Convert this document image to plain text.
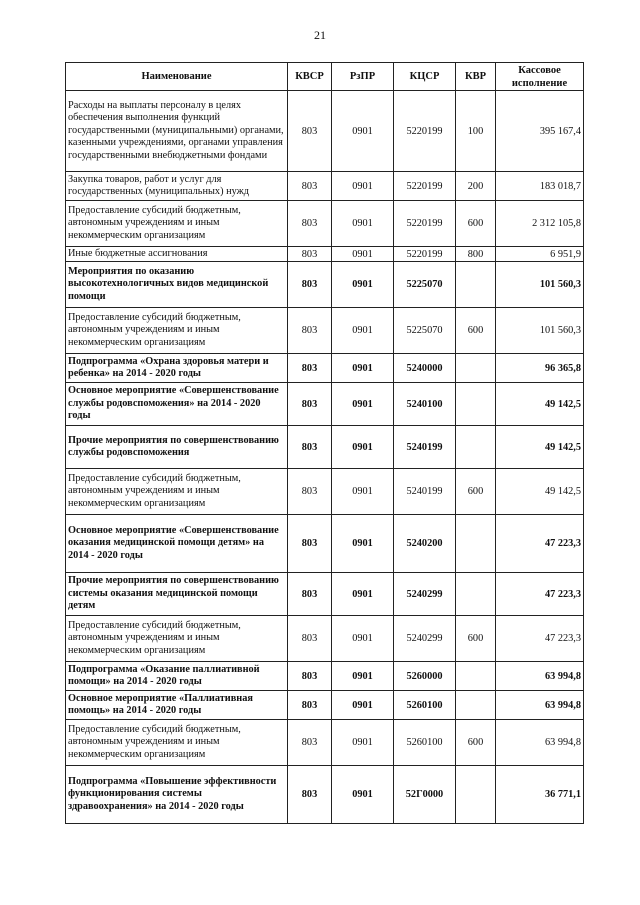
21
Наименование	КВСР	РзПР	КЦСР	КВР	Кассовое исполнение
Расходы на выплаты персоналу в целях обеспечения выполнения функций государственными (муниципальными) органами, казенными учреждениями, органами управления государственными внебюджетными фондами	803	0901	5220199	100	395 167,4
Закупка товаров, работ и услуг для государственных (муниципальных) нужд	803	0901	5220199	200	183 018,7
Предоставление субсидий бюджетным, автономным учреждениям и иным некоммерческим организациям	803	0901	5220199	600	2 312 105,8
Иные бюджетные ассигнования	803	0901	5220199	800	6 951,9
Мероприятия по оказанию высокотехнологичных видов медицинской помощи	803	0901	5225070		101 560,3
Предоставление субсидий бюджетным, автономным учреждениям и иным некоммерческим организациям	803	0901	5225070	600	101 560,3
Подпрограмма «Охрана здоровья матери и ребенка» на 2014 - 2020 годы	803	0901	5240000		96 365,8
Основное мероприятие «Совершенствование службы родовспоможения» на 2014 - 2020 годы	803	0901	5240100		49 142,5
Прочие мероприятия по совершенствованию службы родовспоможения	803	0901	5240199		49 142,5
Предоставление субсидий бюджетным, автономным учреждениям и иным некоммерческим организациям	803	0901	5240199	600	49 142,5
Основное мероприятие «Совершенствование оказания медицинской помощи детям» на 2014 - 2020 годы	803	0901	5240200		47 223,3
Прочие мероприятия по совершенствованию системы оказания медицинской помощи детям	803	0901	5240299		47 223,3
Предоставление субсидий бюджетным, автономным учреждениям и иным некоммерческим организациям	803	0901	5240299	600	47 223,3
Подпрограмма «Оказание паллиативной помощи» на 2014 - 2020 годы	803	0901	5260000		63 994,8
Основное мероприятие «Паллиативная помощь» на 2014 - 2020 годы	803	0901	5260100		63 994,8
Предоставление субсидий бюджетным, автономным учреждениям и иным некоммерческим организациям	803	0901	5260100	600	63 994,8
Подпрограмма «Повышение эффективности функционирования системы здравоохранения» на 2014 - 2020 годы	803	0901	52Г0000		36 771,1
